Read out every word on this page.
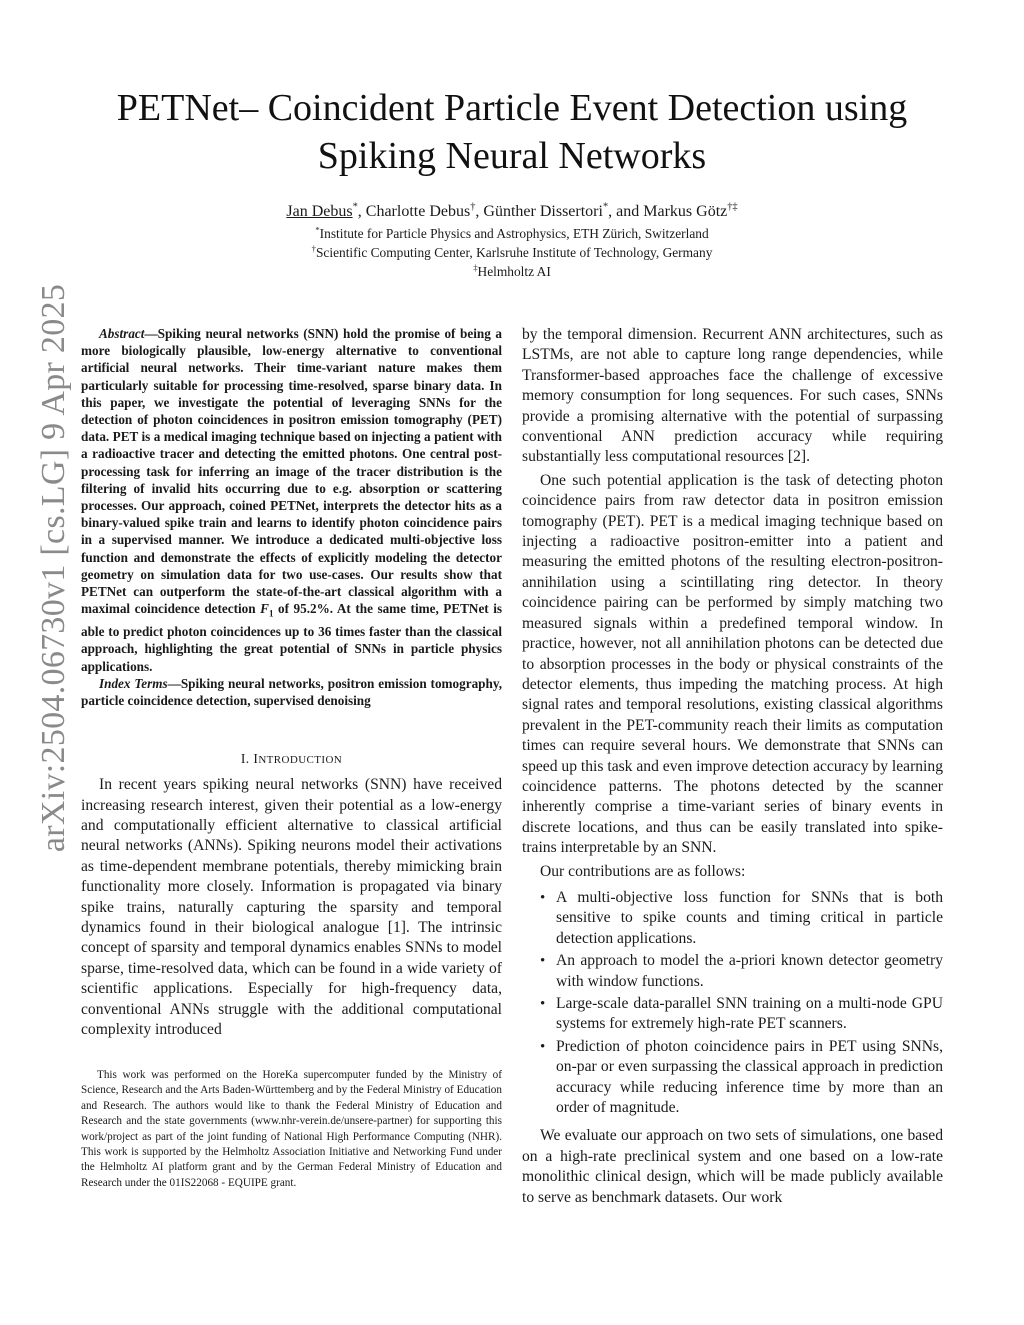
arXiv:2504.06730v1 [cs.LG] 9 Apr 2025
PETNet– Coincident Particle Event Detection using Spiking Neural Networks
Jan Debus*, Charlotte Debus†, Günther Dissertori*, and Markus Götz†‡
*Institute for Particle Physics and Astrophysics, ETH Zürich, Switzerland
†Scientific Computing Center, Karlsruhe Institute of Technology, Germany
‡Helmholtz AI

Abstract—Spiking neural networks (SNN) hold the promise of being a more biologically plausible, low-energy alternative to conventional artificial neural networks. Their time-variant nature makes them particularly suitable for processing time-resolved, sparse binary data. In this paper, we investigate the potential of leveraging SNNs for the detection of photon coincidences in positron emission tomography (PET) data. PET is a medical imaging technique based on injecting a patient with a radioactive tracer and detecting the emitted photons. One central post-processing task for inferring an image of the tracer distribution is the filtering of invalid hits occurring due to e.g. absorption or scattering processes. Our approach, coined PETNet, interprets the detector hits as a binary-valued spike train and learns to identify photon coincidence pairs in a supervised manner. We introduce a dedicated multi-objective loss function and demonstrate the effects of explicitly modeling the detector geometry on simulation data for two use-cases. Our results show that PETNet can outperform the state-of-the-art classical algorithm with a maximal coincidence detection $F_1$ of 95.2%. At the same time, PETNet is able to predict photon coincidences up to 36 times faster than the classical approach, highlighting the great potential of SNNs in particle physics applications.

Index Terms—Spiking neural networks, positron emission tomography, particle coincidence detection, supervised denoising

I. INTRODUCTION

In recent years spiking neural networks (SNN) have received increasing research interest, given their potential as a low-energy and computationally efficient alternative to classical artificial neural networks (ANNs). Spiking neurons model their activations as time-dependent membrane potentials, thereby mimicking brain functionality more closely. Information is propagated via binary spike trains, naturally capturing the sparsity and temporal dynamics found in their biological analogue [1]. The intrinsic concept of sparsity and temporal dynamics enables SNNs to model sparse, time-resolved data, which can be found in a wide variety of scientific applications. Especially for high-frequency data, conventional ANNs struggle with the additional computational complexity introduced

This work was performed on the HoreKa supercomputer funded by the Ministry of Science, Research and the Arts Baden-Württemberg and by the Federal Ministry of Education and Research. The authors would like to thank the Federal Ministry of Education and Research and the state governments (www.nhr-verein.de/unsere-partner) for supporting this work/project as part of the joint funding of National High Performance Computing (NHR). This work is supported by the Helmholtz Association Initiative and Networking Fund under the Helmholtz AI platform grant and by the German Federal Ministry of Education and Research under the 01IS22068 - EQUIPE grant.

by the temporal dimension. Recurrent ANN architectures, such as LSTMs, are not able to capture long range dependencies, while Transformer-based approaches face the challenge of excessive memory consumption for long sequences. For such cases, SNNs provide a promising alternative with the potential of surpassing conventional ANN prediction accuracy while requiring substantially less computational resources [2].

One such potential application is the task of detecting photon coincidence pairs from raw detector data in positron emission tomography (PET). PET is a medical imaging technique based on injecting a radioactive positron-emitter into a patient and measuring the emitted photons of the resulting electron-positron-annihilation using a scintillating ring detector. In theory coincidence pairing can be performed by simply matching two measured signals within a predefined temporal window. In practice, however, not all annihilation photons can be detected due to absorption processes in the body or physical constraints of the detector elements, thus impeding the matching process. At high signal rates and temporal resolutions, existing classical algorithms prevalent in the PET-community reach their limits as computation times can require several hours. We demonstrate that SNNs can speed up this task and even improve detection accuracy by learning coincidence patterns. The photons detected by the scanner inherently comprise a time-variant series of binary events in discrete locations, and thus can be easily translated into spike-trains interpretable by an SNN.

Our contributions are as follows:

• A multi-objective loss function for SNNs that is both sensitive to spike counts and timing critical in particle detection applications.
• An approach to model the a-priori known detector geometry with window functions.
• Large-scale data-parallel SNN training on a multi-node GPU systems for extremely high-rate PET scanners.
• Prediction of photon coincidence pairs in PET using SNNs, on-par or even surpassing the classical approach in prediction accuracy while reducing inference time by more than an order of magnitude.

We evaluate our approach on two sets of simulations, one based on a high-rate preclinical system and one based on a low-rate monolithic clinical design, which will be made publicly available to serve as benchmark datasets. Our work
